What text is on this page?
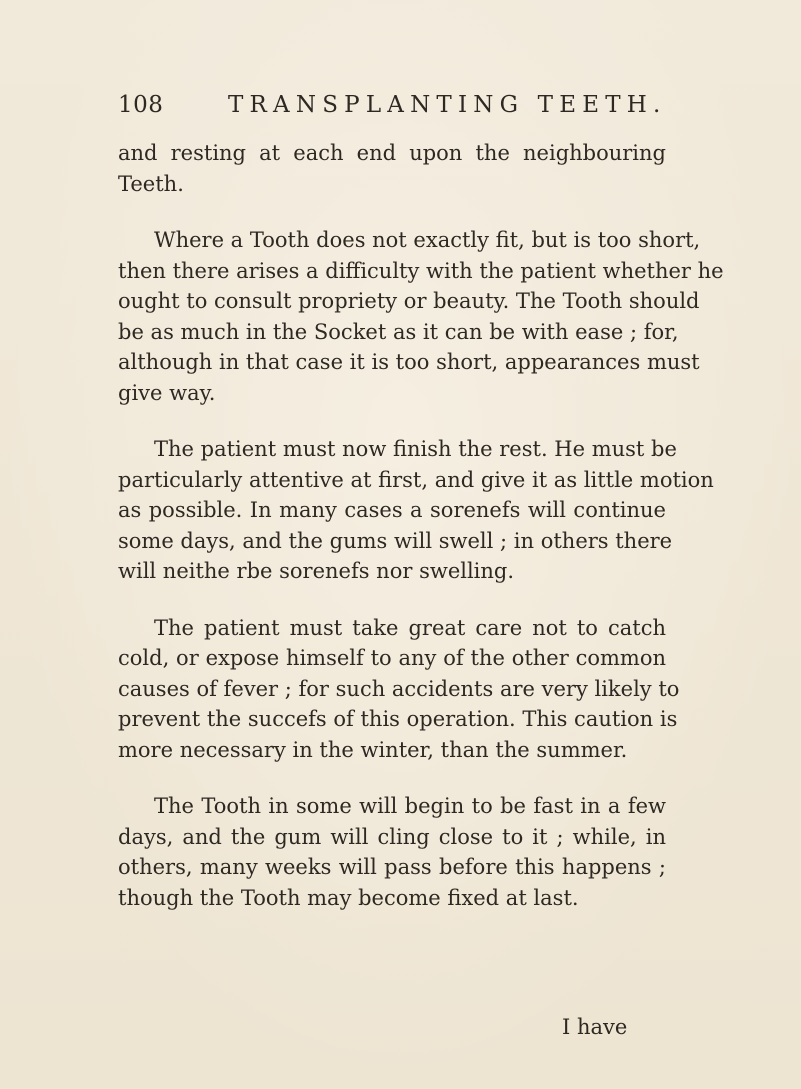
108	TRANSPLANTING TEETH.
and resting at each end upon the neighbouring
Teeth.
Where a Tooth does not exactly fit, but is too short,
then there arises a difficulty with the patient whether he
ought to consult propriety or beauty. The Tooth should
be as much in the Socket as it can be with ease ; for,
although in that case it is too short, appearances must
give way.
The patient must now finish the rest. He must be
particularly attentive at first, and give it as little motion
as possible. In many cases a sorenefs will continue
some days, and the gums will swell ; in others there
will neithe rbe sorenefs nor swelling.
The patient must take great care not to catch
cold, or expose himself to any of the other common
causes of fever ; for such accidents are very likely to
prevent the succefs of this operation. This caution is
more necessary in the winter, than the summer.
The Tooth in some will begin to be fast in a few
days, and the gum will cling close to it ; while, in
others, many weeks will pass before this happens ;
though the Tooth may become fixed at last.
I have
